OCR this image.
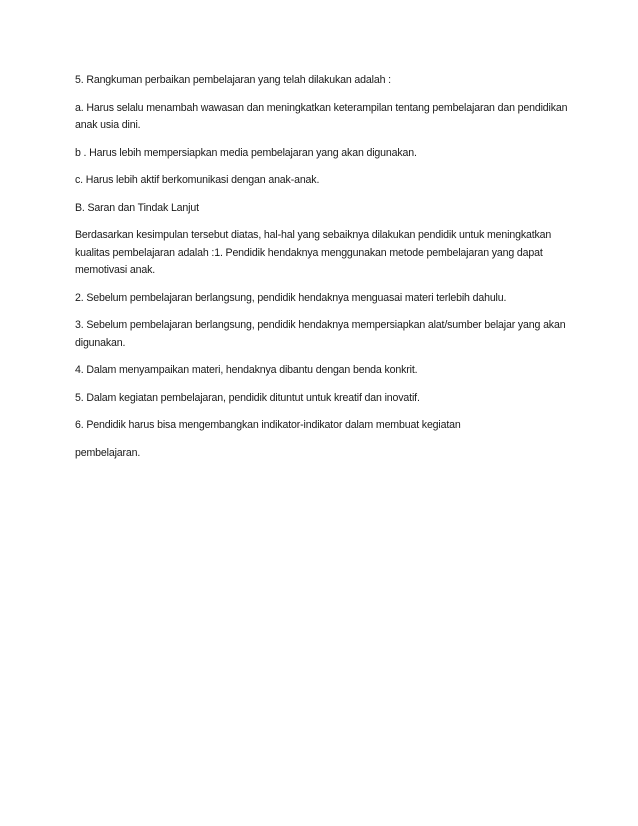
5. Rangkuman perbaikan pembelajaran yang telah dilakukan adalah :

a. Harus selalu menambah wawasan dan meningkatkan keterampilan tentang pembelajaran dan pendidikan anak usia dini.

b . Harus lebih mempersiapkan media pembelajaran yang akan digunakan.

c. Harus lebih aktif berkomunikasi dengan anak-anak.

B. Saran dan Tindak Lanjut

Berdasarkan kesimpulan tersebut diatas, hal-hal yang sebaiknya dilakukan pendidik untuk meningkatkan kualitas pembelajaran adalah :1. Pendidik hendaknya menggunakan metode pembelajaran yang dapat memotivasi anak.

2. Sebelum pembelajaran berlangsung, pendidik hendaknya menguasai materi terlebih dahulu.

3. Sebelum pembelajaran berlangsung, pendidik hendaknya mempersiapkan alat/sumber belajar yang akan digunakan.

4. Dalam menyampaikan materi, hendaknya dibantu dengan benda konkrit.

5. Dalam kegiatan pembelajaran, pendidik dituntut untuk kreatif dan inovatif.

6. Pendidik harus bisa mengembangkan indikator-indikator dalam membuat kegiatan

pembelajaran.
